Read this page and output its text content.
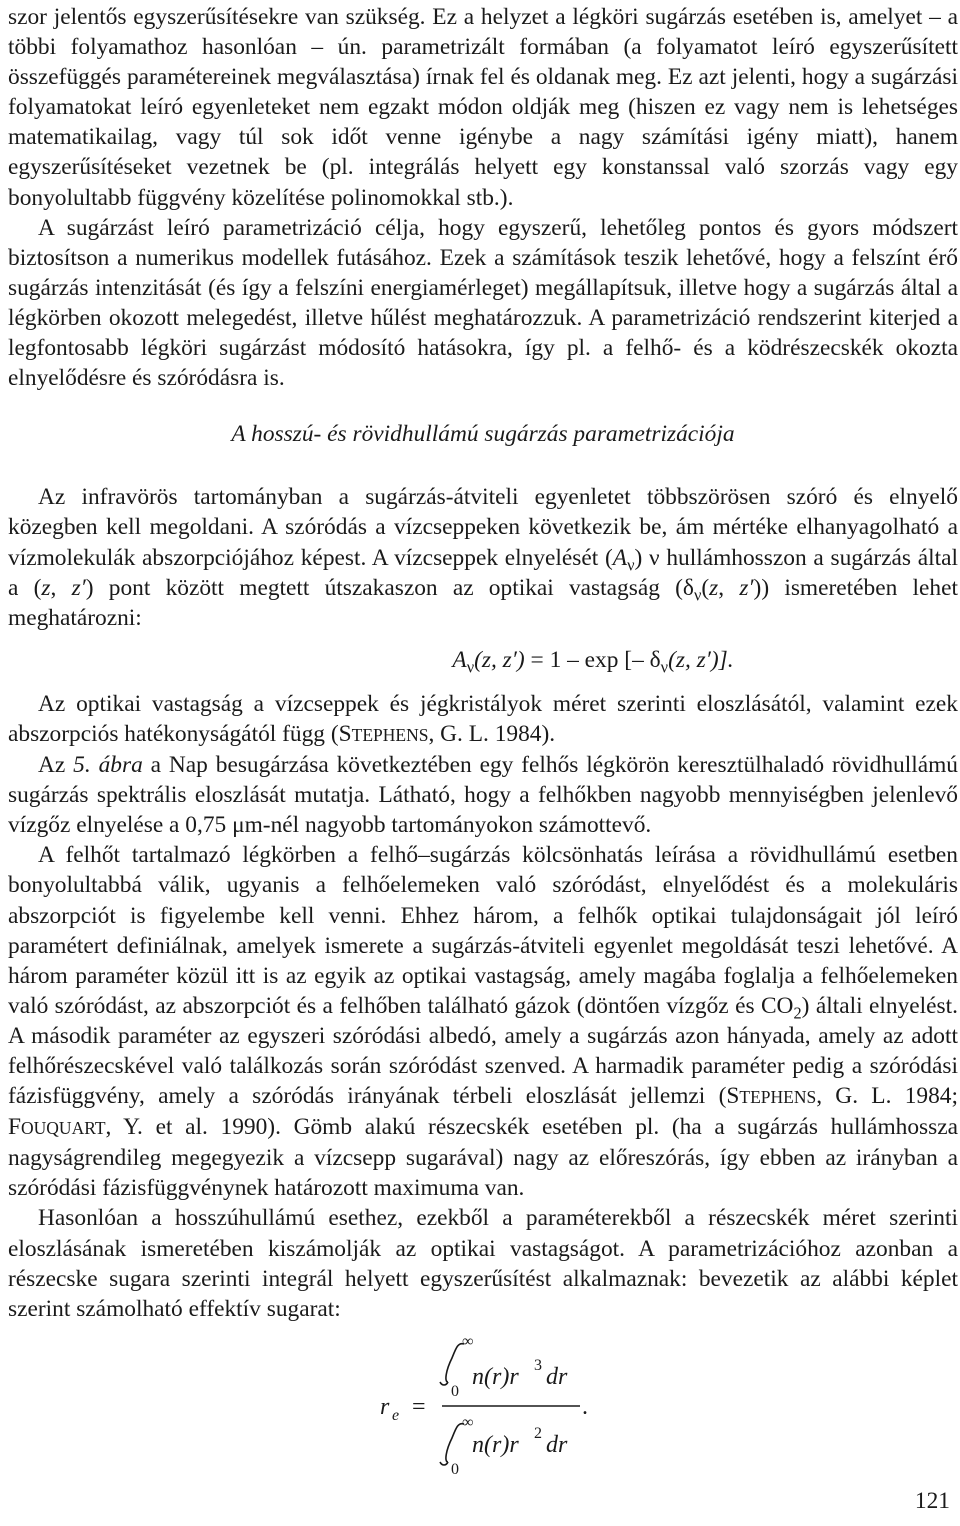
szor jelentős egyszerűsítésekre van szükség. Ez a helyzet a légköri sugárzás esetében is, amelyet – a többi folyamathoz hasonlóan – ún. parametrizált formában (a folyamatot leíró egyszerűsített összefüggés paramétereinek megválasztása) írnak fel és oldanak meg. Ez azt jelenti, hogy a sugárzási folyamatokat leíró egyenleteket nem egzakt módon oldják meg (hiszen ez vagy nem is lehetséges matematikailag, vagy túl sok időt venne igénybe a nagy számítási igény miatt), hanem egyszerűsítéseket vezetnek be (pl. integrálás helyett egy konstanssal való szorzás vagy egy bonyolultabb függvény közelítése polinomokkal stb.).

A sugárzást leíró parametrizáció célja, hogy egyszerű, lehetőleg pontos és gyors módszert biztosítson a numerikus modellek futásához. Ezek a számítások teszik lehetővé, hogy a felszínt érő sugárzás intenzitását (és így a felszíni energiamérleget) megállapítsuk, illetve hogy a sugárzás által a légkörben okozott melegedést, illetve hűlést meghatározzuk. A parametrizáció rendszerint kiterjed a legfontosabb légköri sugárzást módosító hatásokra, így pl. a felhő- és a ködrészecskék okozta elnyelődésre és szóródásra is.

A hosszú- és rövidhullámú sugárzás parametrizációja

Az infravörös tartományban a sugárzás-átviteli egyenletet többszörösen szóró és elnyelő közegben kell megoldani. A szóródás a vízcseppeken következik be, ám mértéke elhanyagolható a vízmolekulák abszorpciójához képest. A vízcseppek elnyelését $(A_\nu)$ ν hullámhosszon a sugárzás által a (z, z′) pont között megtett útszakaszon az optikai vastagság ($\delta_\nu(z$, z′)) ismeretében lehet meghatározni:

$A_\nu(z$, z′) = 1 – exp [– $\delta_\nu(z$, z′)].

Az optikai vastagság a vízcseppek és jégkristályok méret szerinti eloszlásától, valamint ezek abszorpciós hatékonyságától függ (STEPHENS, G. L. 1984).

Az 5. ábra a Nap besugárzása következtében egy felhős légkörön keresztülhaladó rövidhullámú sugárzás spektrális eloszlását mutatja. Látható, hogy a felhőkben nagyobb mennyiségben jelenlevő vízgőz elnyelése a 0,75 μm-nél nagyobb tartományokon számottevő.

A felhőt tartalmazó légkörben a felhő–sugárzás kölcsönhatás leírása a rövidhullámú esetben bonyolultabbá válik, ugyanis a felhőelemeken való szóródást, elnyelődést és a molekuláris abszorpciót is figyelembe kell venni. Ehhez három, a felhők optikai tulajdonságait jól leíró paramétert definiálnak, amelyek ismerete a sugárzás-átviteli egyenlet megoldását teszi lehetővé. A három paraméter közül itt is az egyik az optikai vastagság, amely magába foglalja a felhőelemeken való szóródást, az abszorpciót és a felhőben található gázok (döntően vízgőz és $CO_2$) általi elnyelést. A második paraméter az egyszeri szóródási albedó, amely a sugárzás azon hányada, amely az adott felhőrészecskével való találkozás során szóródást szenved. A harmadik paraméter pedig a szóródási fázisfüggvény, amely a szóródás irányának térbeli eloszlását jellemzi (STEPHENS, G. L. 1984; FOUQUART, Y. et al. 1990). Gömb alakú részecskék esetében pl. (ha a sugárzás hullámhossza nagyságrendileg megegyezik a vízcsepp sugarával) nagy az előreszórás, így ebben az irányban a szóródási fázisfüggvénynek határozott maximuma van.

Hasonlóan a hosszúhullámú esethez, ezekből a paraméterekből a részecskék méret szerinti eloszlásának ismeretében kiszámolják az optikai vastagságot. A parametrizációhoz azonban a részecske sugara szerinti integrál helyett egyszerűsítést alkalmaznak: bevezetik az alábbi képlet szerint számolható effektív sugarat:

r e =
∞
0
n(r)r 3 dr
.
∞
0
n(r)r 2 dr
121
